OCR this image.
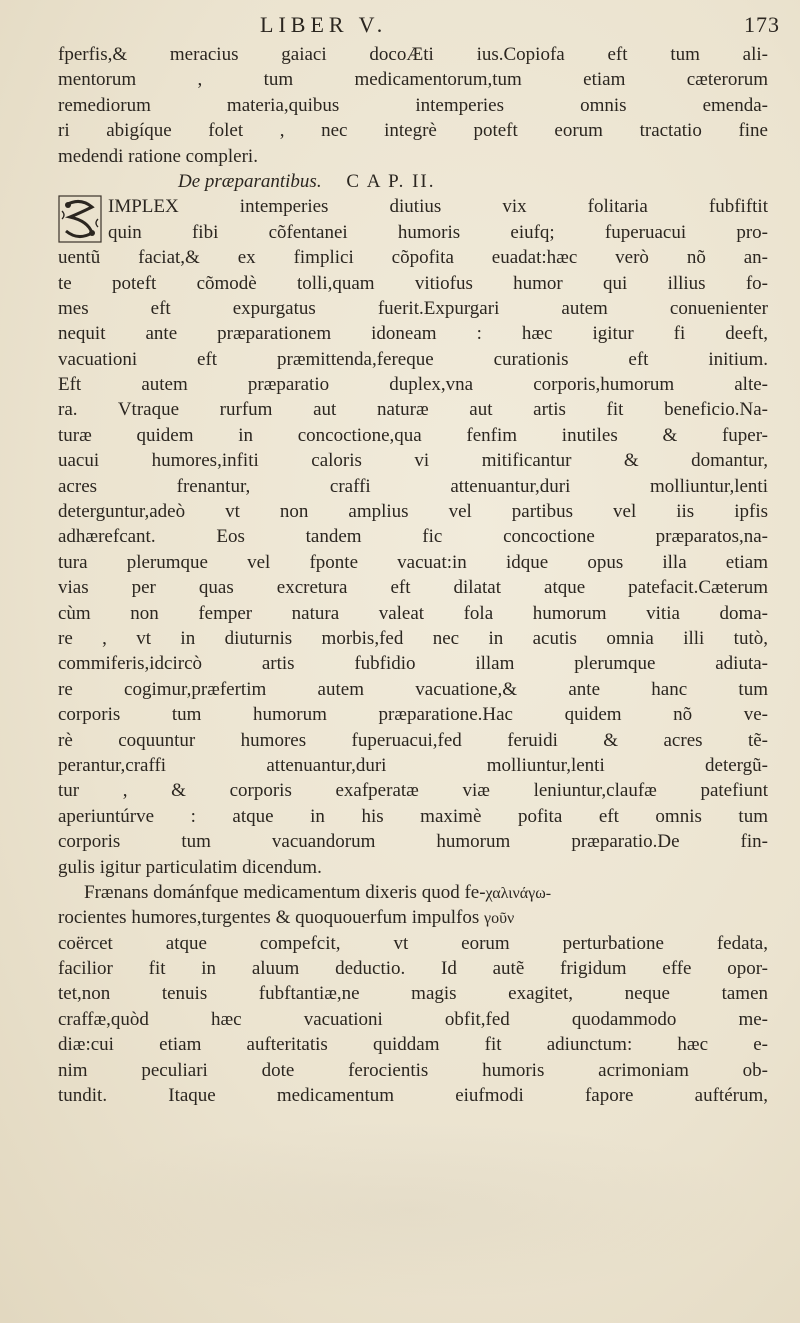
LIBER V.	173
fperfis,& meracius gaiaci docoÆti ius.Copiofa eft tum ali-
mentorum , tum medicamentorum,tum etiam cæterorum
remediorum materia,quibus intemperies omnis emenda-
ri abigíque folet , nec integrè poteft eorum tractatio fine
medendi ratione compleri.
De præparantibus. C A P. II.
IMPLEX intemperies diutius vix folitaria fubfiftit
quin fibi cõfentanei humoris eiufq; fuperuacui pro-
uentũ faciat,& ex fimplici cõpofita euadat:hæc verò nõ an-
te poteft cõmodè tolli,quam vitiofus humor qui illius fo-
mes eft expurgatus fuerit.Expurgari autem conuenienter
nequit ante præparationem idoneam : hæc igitur fi deeft,
vacuationi eft præmittenda,fereque curationis eft initium.
Eft autem præparatio duplex,vna corporis,humorum alte-
ra. Vtraque rurfum aut naturæ aut artis fit beneficio.Na-
turæ quidem in concoctione,qua fenfim inutiles & fuper-
uacui humores,infiti caloris vi mitificantur & domantur,
acres frenantur, craffi attenuantur,duri molliuntur,lenti
deterguntur,adeò vt non amplius vel partibus vel iis ipfis
adhærefcant. Eos tandem fic concoctione præparatos,na-
tura plerumque vel fponte vacuat:in idque opus illa etiam
vias per quas excretura eft dilatat atque patefacit.Cæterum
cùm non femper natura valeat fola humorum vitia doma-
re , vt in diuturnis morbis,fed nec in acutis omnia illi tutò,
commiferis,idcircò artis fubfidio illam plerumque adiuta-
re cogimur,præfertim autem vacuatione,& ante hanc tum
corporis tum humorum præparatione.Hac quidem nõ ve-
rè coquuntur humores fuperuacui,fed feruidi & acres tẽ-
perantur,craffi attenuantur,duri molliuntur,lenti detergũ-
tur , & corporis exafperatæ viæ leniuntur,claufæ patefiunt
aperiuntúrve : atque in his maximè pofita eft omnis tum
corporis tum vacuandorum humorum præparatio.De fin-
gulis igitur particulatim dicendum.
Frænans dománfque medicamentum dixeris quod fe-χαλινάγω-
rocientes humores,turgentes & quoquouerfum impulfos γοῦν
coërcet atque compefcit, vt eorum perturbatione fedata,
facilior fit in aluum deductio. Id autẽ frigidum effe opor-
tet,non tenuis fubftantiæ,ne magis exagitet, neque tamen
craffæ,quòd hæc vacuationi obfit,fed quodammodo me-
diæ:cui etiam aufteritatis quiddam fit adiunctum: hæc e-
nim peculiari dote ferocientis humoris acrimoniam ob-
tundit. Itaque medicamentum eiufmodi fapore auftérum,
